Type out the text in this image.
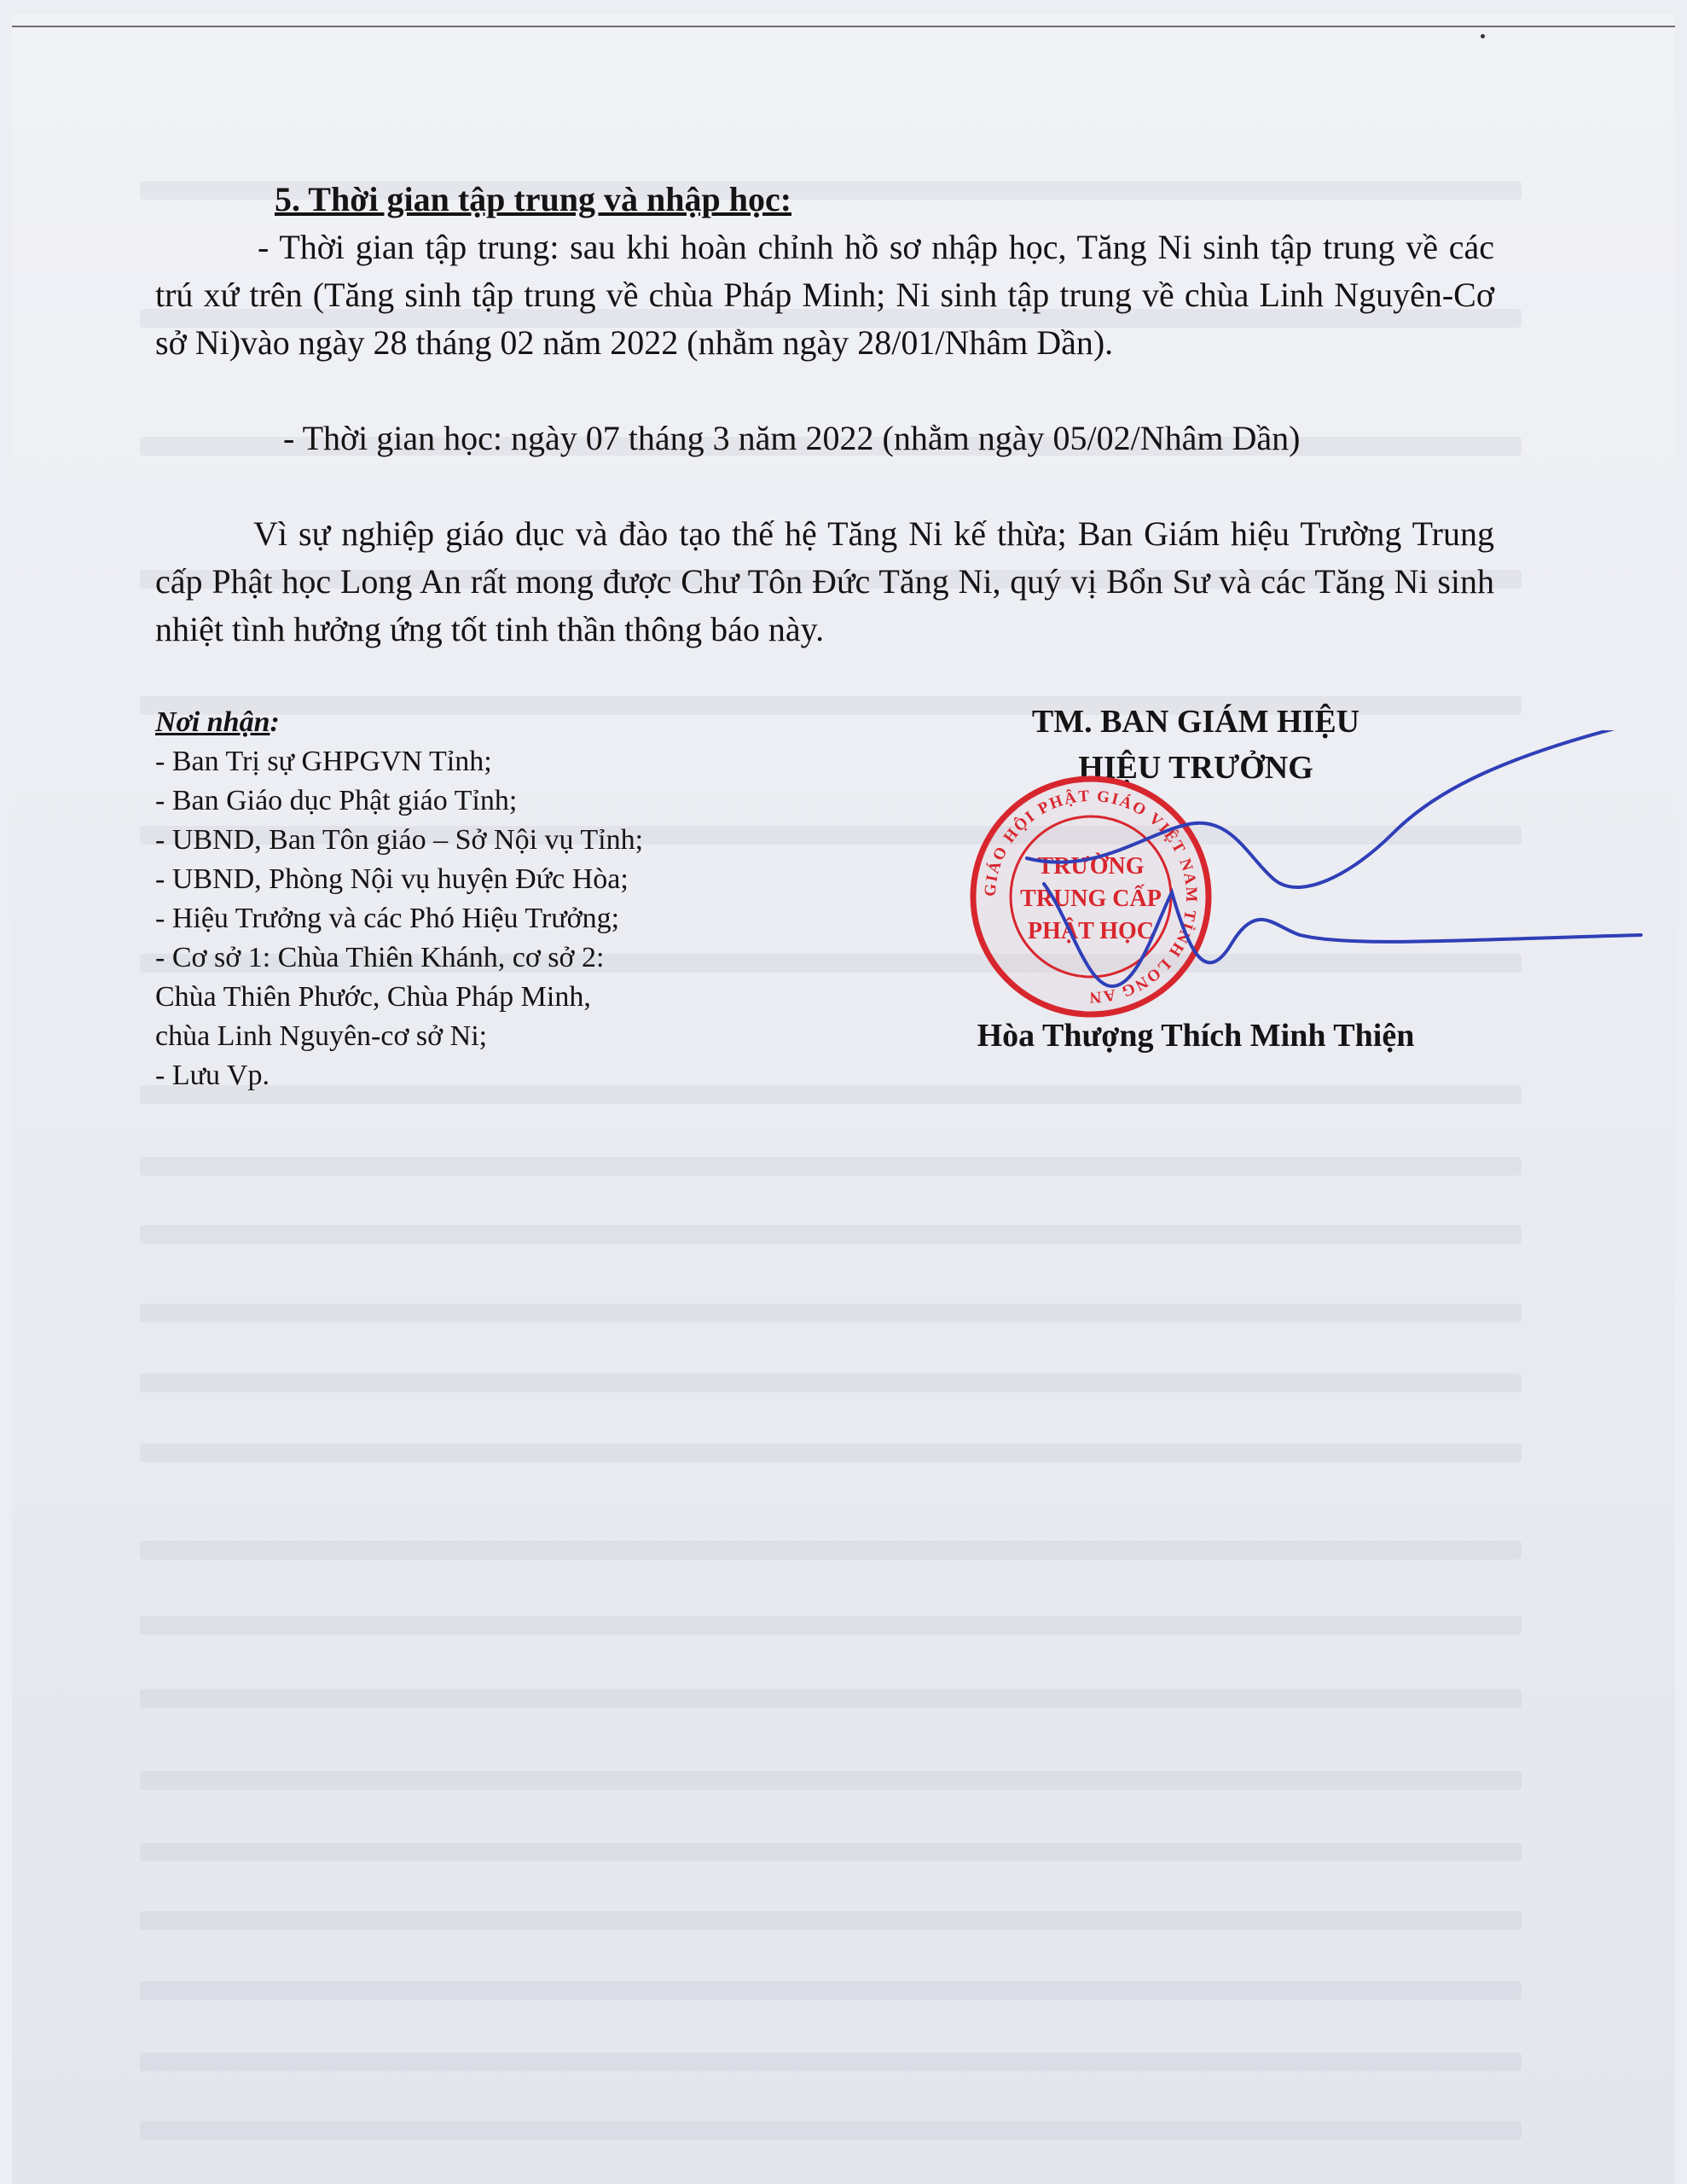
5. Thời gian tập trung và nhập học:

- Thời gian tập trung: sau khi hoàn chỉnh hồ sơ nhập học, Tăng Ni sinh tập trung về các trú xứ trên (Tăng sinh tập trung về chùa Pháp Minh; Ni sinh tập trung về chùa Linh Nguyên-Cơ sở Ni)vào ngày 28 tháng 02 năm 2022 (nhằm ngày 28/01/Nhâm Dần).

- Thời gian học: ngày 07 tháng 3 năm 2022 (nhằm ngày 05/02/Nhâm Dần)

Vì sự nghiệp giáo dục và đào tạo thế hệ Tăng Ni kế thừa; Ban Giám hiệu Trường Trung cấp Phật học Long An rất mong được Chư Tôn Đức Tăng Ni, quý vị Bổn Sư và các Tăng Ni sinh nhiệt tình hưởng ứng tốt tinh thần thông báo này.

Nơi nhận:
- Ban Trị sự GHPGVN Tỉnh;
- Ban Giáo dục Phật giáo Tỉnh;
- UBND, Ban Tôn giáo – Sở Nội vụ Tỉnh;
- UBND, Phòng Nội vụ huyện Đức Hòa;
- Hiệu Trưởng và các Phó Hiệu Trưởng;
- Cơ sở 1: Chùa Thiên Khánh, cơ sở 2:
Chùa Thiên Phước, Chùa Pháp Minh,
chùa Linh Nguyên-cơ sở Ni;
- Lưu Vp.
TM. BAN GIÁM HIỆU
HIỆU TRƯỞNG
Hòa Thượng Thích Minh Thiện
GIÁO HỘI PHẬT GIÁO VIỆT NAM TỈNH LONG AN
TRƯỜNG
TRUNG CẤP
PHẬT HỌC
